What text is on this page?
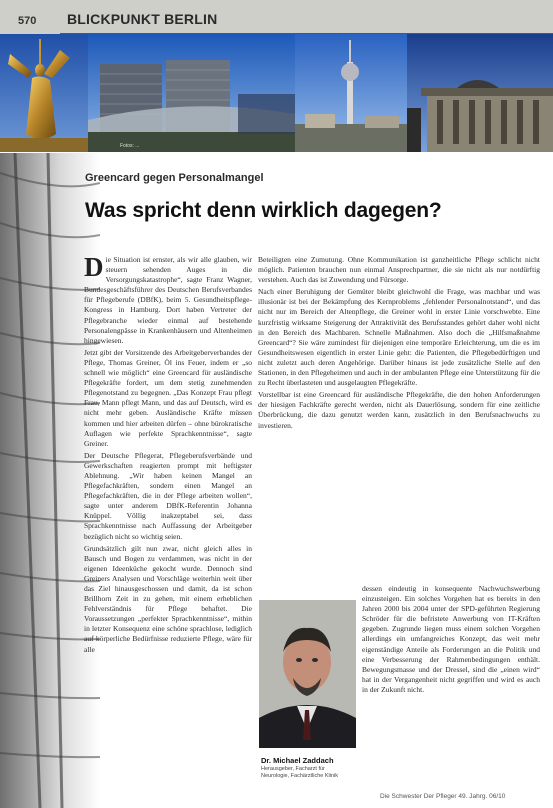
570 BLICKPUNKT BERLIN
Fotos: ...
Greencard gegen Personalmangel
Was spricht denn wirklich dagegen?

Die Situation ist ernster, als wir alle glauben, wir steuern sehenden Auges in die Versorgungskatastrophe“, sagte Franz Wagner, Bundesgeschäftsführer des Deutschen Berufsverbandes für Pflegeberufe (DBfK), beim 5. Gesundheitspflege-Kongress in Hamburg. Dort haben Vertreter der Pflegebranche wieder einmal auf bestehende Personalengpässe in Krankenhäusern und Altenheimen hingewiesen.

Jetzt gibt der Vorsitzende des Arbeitgeberverbandes der Pflege, Thomas Greiner, Öl ins Feuer, indem er „so schnell wie möglich“ eine Greencard für ausländische Pflegekräfte fordert, um dem stetig zunehmenden Pflegenotstand zu begegnen. „Das Konzept Frau pflegt Frau, Mann pflegt Mann, und das auf Deutsch, wird es nicht mehr geben. Ausländische Kräfte müssen kommen und hier arbeiten dürfen – ohne bürokratische Auflagen wie perfekte Sprachkenntnisse“, sagte Greiner.

Der Deutsche Pflegerat, Pflegeberufsverbände und Gewerkschaften reagierten prompt mit heftigster Ablehnung. „Wir haben keinen Mangel an Pflegefachkräften, sondern einen Mangel an Pflegefachkräften, die in der Pflege arbeiten wollen“, sagte unter anderem DBfK-Referentin Johanna Knüppel. Völlig inakzeptabel sei, dass Sprachkenntnisse nach Auffassung der Arbeitgeber bezüglich nicht so wichtig seien.

Grundsätzlich gilt nun zwar, nicht gleich alles in Bausch und Bogen zu verdammen, was nicht in der eigenen Ideenküche gekocht wurde. Dennoch sind Greiners Analysen und Vorschläge weiterhin weit über das Ziel hinausgeschossen und damit, da ist schon Brillhorn Zeit in zu gehen, mit einem erheblichen Fehlverständnis für Pflege behaftet. Die Voraussetzungen „perfekter Sprachkenntnisse“, mithin in letzter Konsequenz eine schöne sprachlose, lediglich auf körperliche Bedürfnisse reduzierte Pflege, wäre für alle

Beteiligten eine Zumutung. Ohne Kommunikation ist ganzheitliche Pflege schlicht nicht möglich. Patienten brauchen nun einmal Ansprechpartner, die sie nicht als nur notdürftig verstehen. Auch das ist Zuwendung und Fürsorge.

Nach einer Beruhigung der Gemüter bleibt gleichwohl die Frage, was machbar und was illusionär ist bei der Bekämpfung des Kernproblems „fehlender Personalnotstand“, und das nicht nur im Bereich der Altenpflege, die Greiner wohl in erster Linie vorschwebte. Eine kurzfristig wirksame Steigerung der Attraktivität des Berufsstandes gehört daher wohl nicht in den Bereich des Machbaren. Schnelle Maßnahmen. Also doch die „Hilfsmaßnahme Greencard“? Sie wäre zumindest für diejenigen eine temporäre Erleichterung, um die es im Gesundheitswesen eigentlich in erster Linie geht: die Patienten, die Pflegebedürftigen und nicht zuletzt auch deren Angehörige. Darüber hinaus ist jede zusätzliche Stelle auf den Stationen, in den Pflegeheimen und auch in der ambulanten Pflege eine Unterstützung für die zu Recht überlasteten und ausgelaugten Pflegekräfte.

Vorstellbar ist eine Greencard für ausländische Pflegekräfte, die den hohen Anforderungen der hiesigen Fachkräfte gerecht werden, nicht als Dauerlösung, sondern für eine zeitliche Überbrückung, die dazu genutzt werden kann, zusätzlich in den Berufsnachwuchs zu investieren.

dessen eindeutig in konsequente Nachwuchswerbung einzusteigen. Ein solches Vorgehen hat es bereits in den Jahren 2000 bis 2004 unter der SPD-geführten Regierung Schröder für die befristete Anwerbung von IT-Kräften gegeben. Zugrunde liegen muss einem solchen Vorgehen allerdings ein umfangreiches Konzept, das weit mehr eigenständige Anteile als Forderungen an die Politik und eine Verbesserung der Rahmenbedingungen enthält. Bewegungsmasse und der Dressel, sind die „einen wird“ hat in der Vergangenheit nicht gegriffen und wird es auch in der Zukunft nicht.

Dr. Michael Zaddach
Herausgeber, Facharzt für Neurologie, Fachärztliche Klinik
Die Schwester Der Pfleger 49. Jahrg. 06/10
